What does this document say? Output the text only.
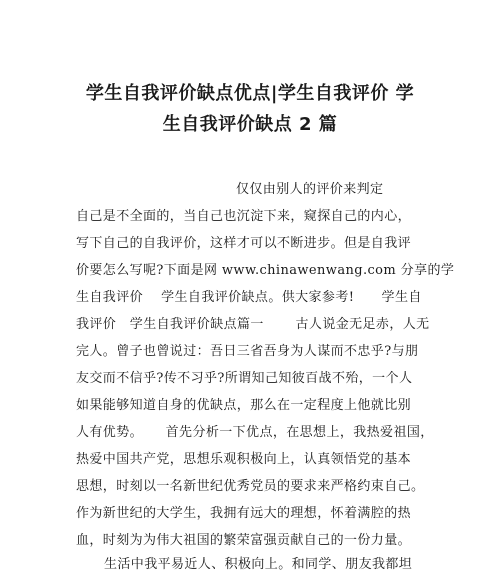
学生自我评价缺点优点|学生自我评价 学
生自我评价缺点 2 篇
仅仅由别人的评价来判定
自己是不全面的，当自己也沉淀下来，窥探自己的内心，
写下自己的自我评价，这样才可以不断进步。但是自我评
价要怎么写呢?下面是网 www.chinawenwang.com 分享的学
生自我评价    学生自我评价缺点。供大家参考!      学生自
我评价   学生自我评价缺点篇一       古人说金无足赤，人无
完人。曾子也曾说过：吾日三省吾身为人谋而不忠乎?与朋
友交而不信乎?传不习乎?所谓知己知彼百战不殆，一个人
如果能够知道自身的优缺点，那么在一定程度上他就比别
人有优势。     首先分析一下优点，在思想上，我热爱祖国，
热爱中国共产党，思想乐观积极向上，认真领悟党的基本
思想，时刻以一名新世纪优秀党员的要求来严格约束自己。
作为新世纪的大学生，我拥有远大的理想，怀着满腔的热
血，时刻为为伟大祖国的繁荣富强贡献自己的一份力量。
生活中我平易近人、积极向上。和同学、朋友我都坦
